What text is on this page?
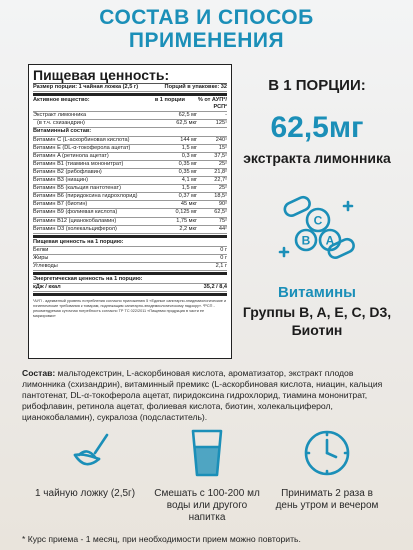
СОСТАВ И СПОСОБ
ПРИМЕНЕНИЯ
Пищевая ценность:
Размер порции: 1 чайная ложка (2,5 г)	Порций в упаковке: 32
Активное вещество:	в 1 порции	% от АУП*/РСП²
Экстракт лимонника	62,5 мг	-
(в т.ч. схизандрин)	62,5 мкг	125¹
Витаминный состав:
Витамин C (L-аскорбиновая кислота)	144 мг	240¹
Витамин E (DL-α-токоферола ацетат)	1,5 мг	15²
Витамин A (ретинола ацетат)	0,3 мг	37,5²
Витамин B1 (тиамина мононитрат)	0,35 мг	25²
Витамин B2 (рибофлавин)	0,35 мг	21,8²
Витамин B3 (ниацин)	4,1 мг	22,7²
Витамин B5 (кальция пантотенат)	1,5 мг	25²
Витамин B6 (пиридоксина гидрохлорид)	0,37 мг	18,5²
Витамин B7 (биотин)	45 мкг	90²
Витамин B9 (фолиевая кислота)	0,125 мг	62,5²
Витамин B12 (цианокобаламин)	1,75 мкг	75²
Витамин D3 (холекальциферол)	2,2 мкг	44²
Пищевая ценность на 1 порцию:
Белки	0 г
Жиры	0 г
Углеводы	2,1 г
Энергетическая ценность на 1 порцию:
кДж / ккал	35,2 / 8,4
¹АУП - адекватный уровень потребления согласно приложению 5 «Единые санитарно-эпидемиологические и гигиенические требования к товарам, подлежащим санитарно-эпидемиологическому надзору». ²РСП - рекомендуемая суточная потребность согласно ТР ТС 022/2011 «Пищевая продукция в части ее маркировки»
В 1 ПОРЦИИ:
62,5мг
экстракта лимонника
C
B A
Витамины
Группы B, A, E, C, D3, Биотин
Состав: мальтодекстрин, L-аскорбиновая кислота, ароматизатор, экстракт плодов лимонника (схизандрин), витаминный премикс (L-аскорбиновая кислота, ниацин, кальция пантотенат, DL-α-токоферола ацетат, пиридоксина гидрохлорид, тиамина мононитрат, рибофлавин, ретинола ацетат, фолиевая кислота, биотин, холекальциферол, цианокобаламин), сукралоза (подсластитель).
1 чайную ложку (2,5г)	Смешать с 100-200 мл воды или другого напитка
Принимать 2 раза в день утром и вечером
* Курс приема - 1 месяц, при необходимости прием можно повторить.
